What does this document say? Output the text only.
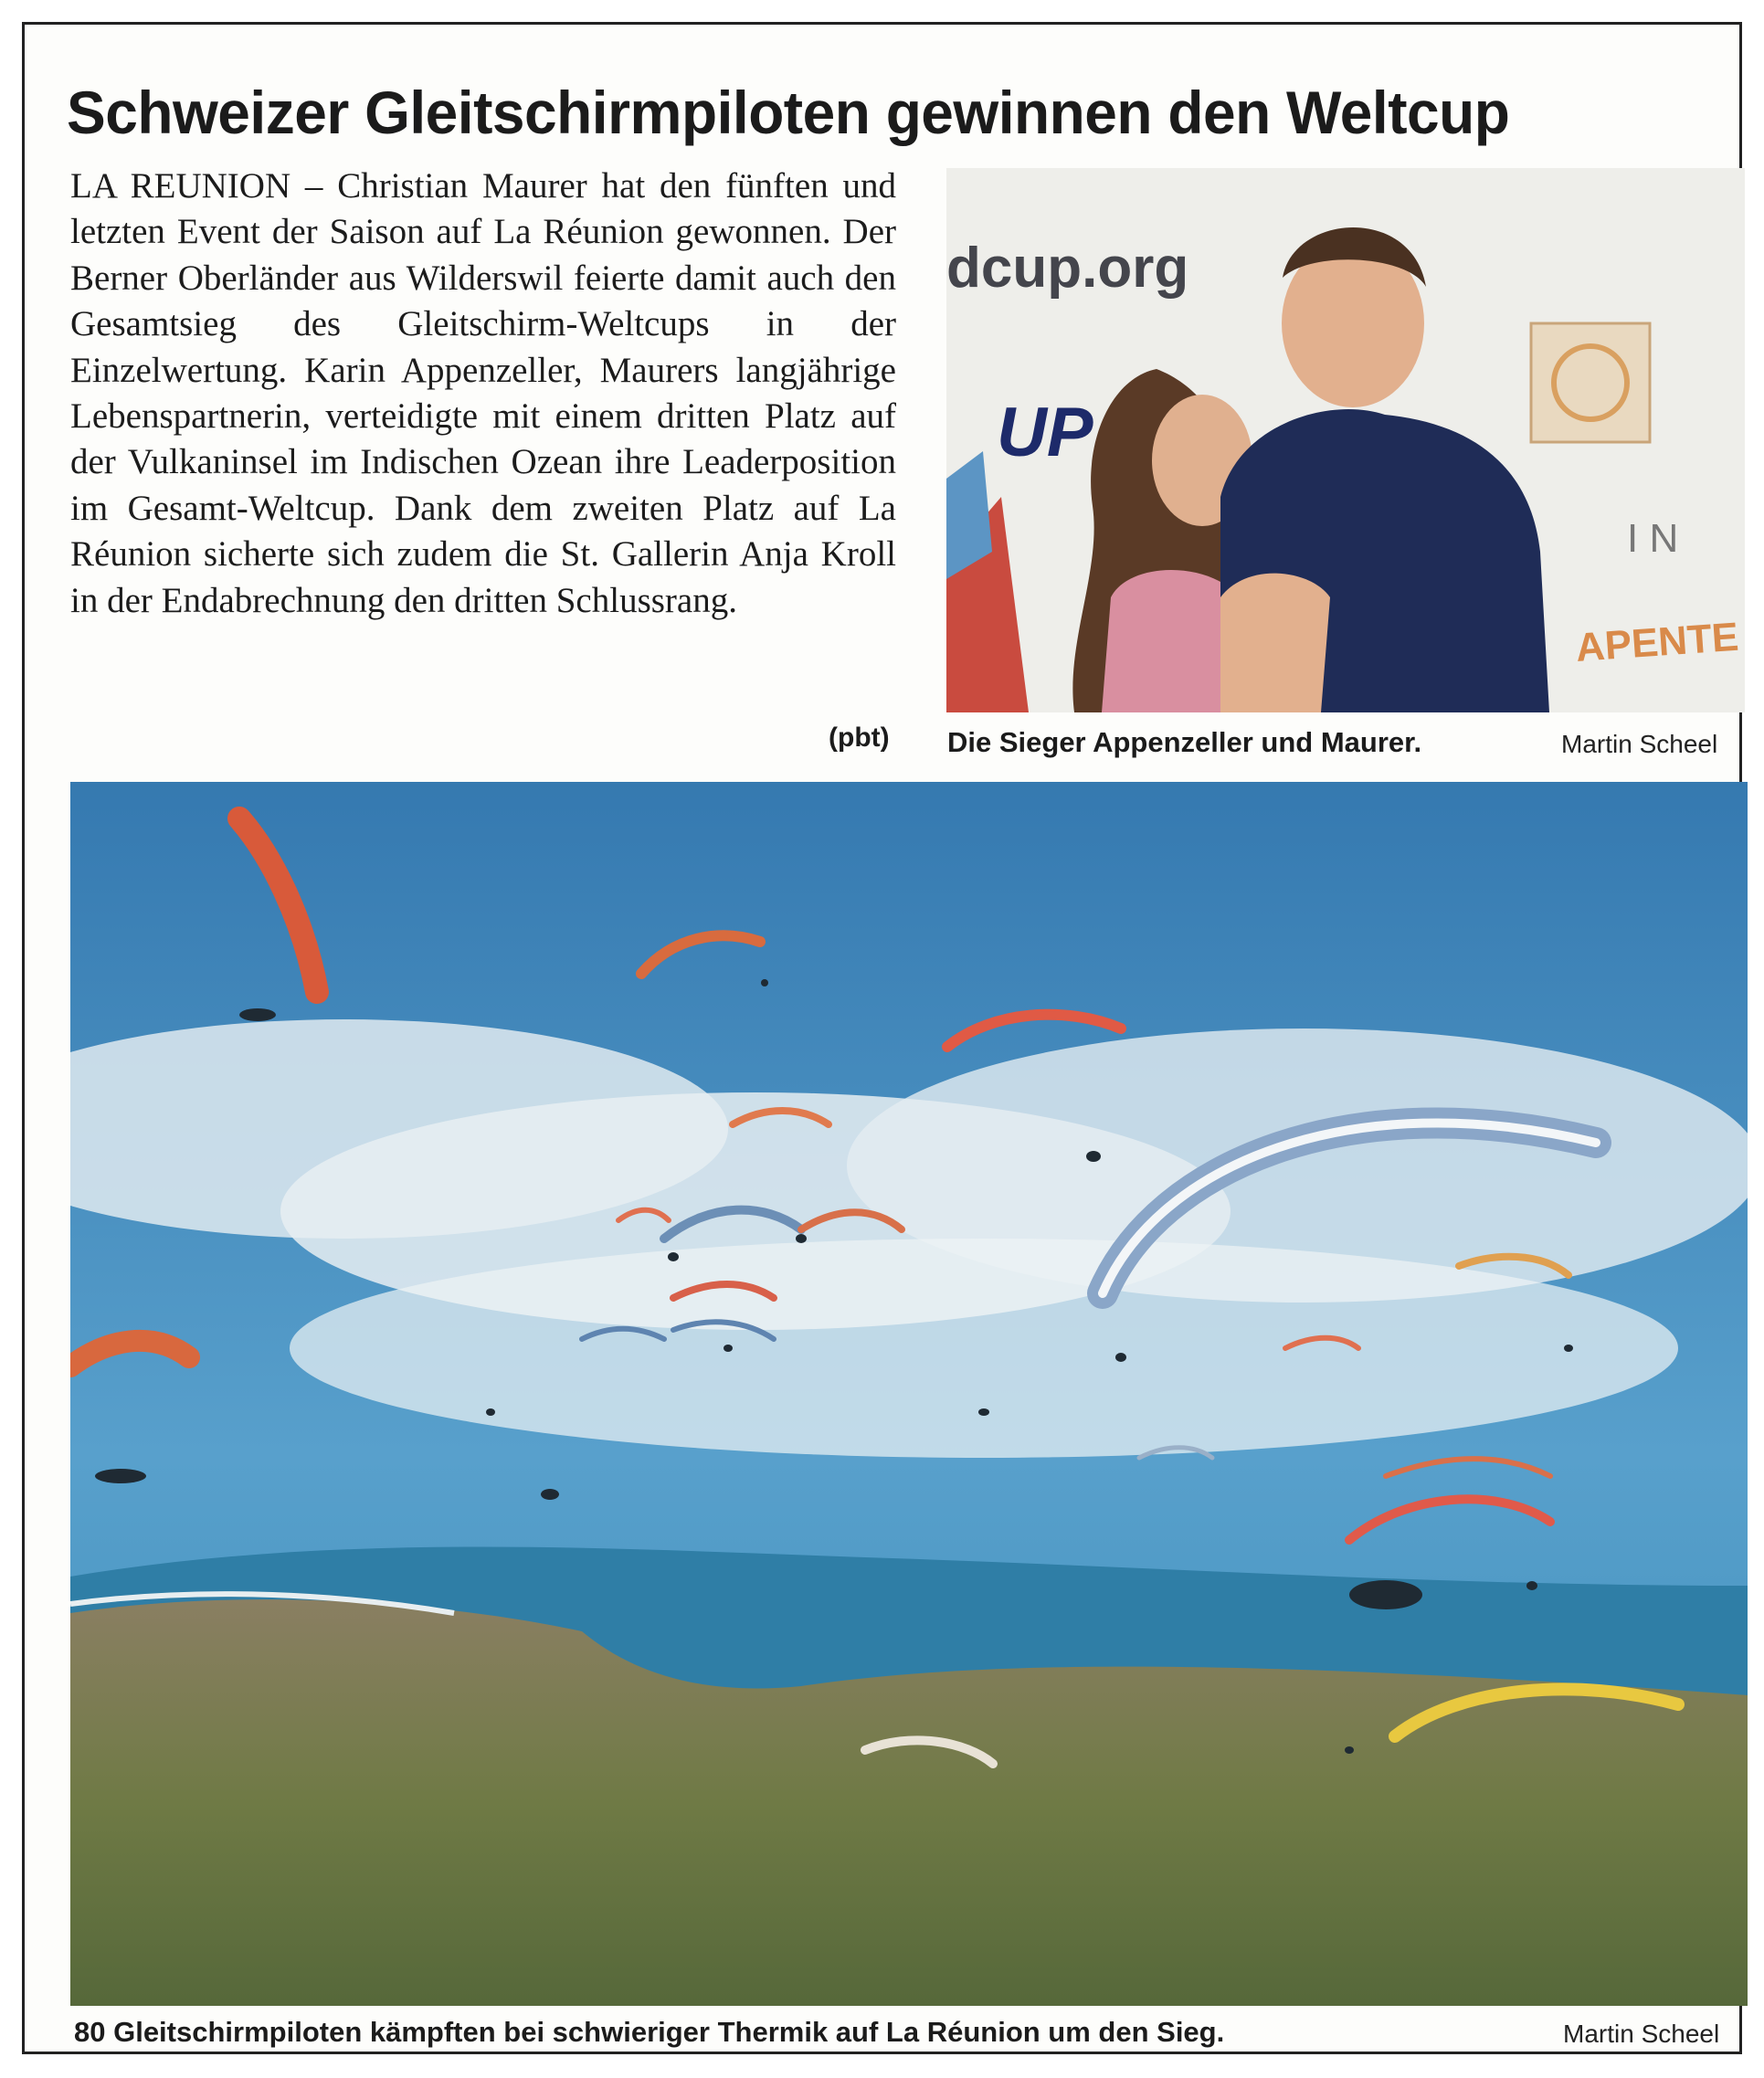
Schweizer Gleitschirmpiloten gewinnen den Weltcup

LA REUNION – Christian Maurer hat den fünften und letzten Event der Saison auf La Réunion gewonnen. Der Berner Oberländer aus Wilderswil feierte damit auch den Gesamtsieg des Gleitschirm-Weltcups in der Einzelwertung. Karin Appenzeller, Maurers langjährige Lebenspartnerin, verteidigte mit einem dritten Platz auf der Vulkaninsel im Indischen Ozean ihre Leaderposition im Gesamt-Weltcup. Dank dem zweiten Platz auf La Réunion sicherte sich zudem die St. Gallerin Anja Kroll in der Endabrechnung den dritten Schlussrang.

(pbt)
I N
dcup.org
UP
APENTE
Die Sieger Appenzeller und Maurer.	Martin Scheel
80 Gleitschirmpiloten kämpften bei schwieriger Thermik auf La Réunion um den Sieg.	Martin Scheel
